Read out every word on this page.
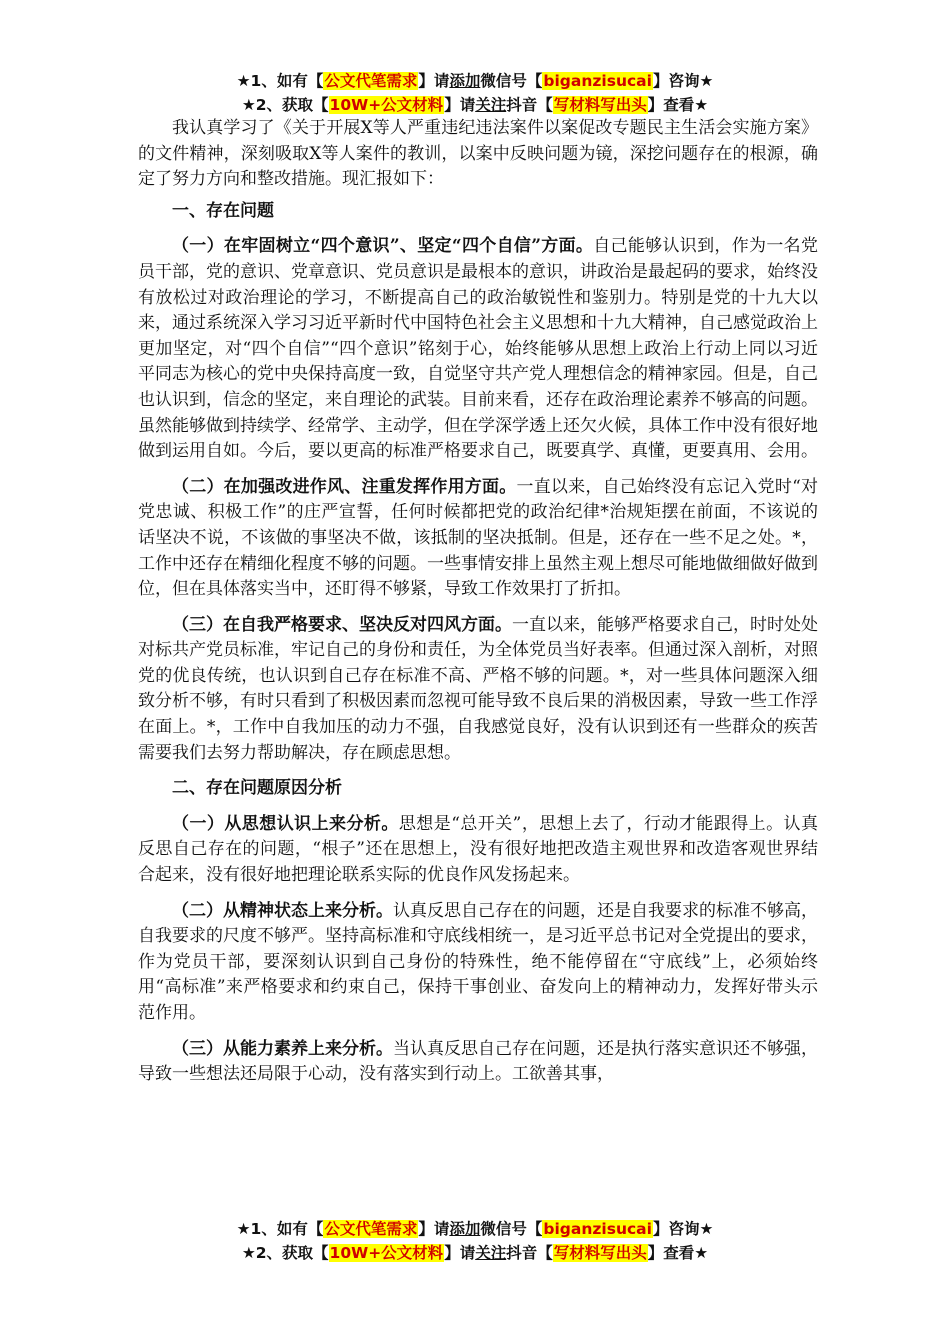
★1、如有【公文代笔需求】请添加微信号【biganzisucai】咨询★
★2、获取【10W+公文材料】请关注抖音【写材料写出头】查看★

我认真学习了《关于开展X等人严重违纪违法案件以案促改专题民主生活会实施方案》的文件精神，深刻吸取X等人案件的教训，以案中反映问题为镜，深挖问题存在的根源，确定了努力方向和整改措施。现汇报如下：

一、存在问题

（一）在牢固树立“四个意识”、坚定“四个自信”方面。自己能够认识到，作为一名党员干部，党的意识、党章意识、党员意识是最根本的意识，讲政治是最起码的要求，始终没有放松过对政治理论的学习，不断提高自己的政治敏锐性和鉴别力。特别是党的十九大以来，通过系统深入学习习近平新时代中国特色社会主义思想和十九大精神，自己感觉政治上更加坚定，对“四个自信”“四个意识”铭刻于心，始终能够从思想上政治上行动上同以习近平同志为核心的党中央保持高度一致，自觉坚守共产党人理想信念的精神家园。但是，自己也认识到，信念的坚定，来自理论的武装。目前来看，还存在政治理论素养不够高的问题。虽然能够做到持续学、经常学、主动学，但在学深学透上还欠火候，具体工作中没有很好地做到运用自如。今后，要以更高的标准严格要求自己，既要真学、真懂，更要真用、会用。

（二）在加强改进作风、注重发挥作用方面。一直以来，自己始终没有忘记入党时“对党忠诚、积极工作”的庄严宣誓，任何时候都把党的政治纪律*治规矩摆在前面，不该说的话坚决不说，不该做的事坚决不做，该抵制的坚决抵制。但是，还存在一些不足之处。*，工作中还存在精细化程度不够的问题。一些事情安排上虽然主观上想尽可能地做细做好做到位，但在具体落实当中，还盯得不够紧，导致工作效果打了折扣。

（三）在自我严格要求、坚决反对四风方面。一直以来，能够严格要求自己，时时处处对标共产党员标准，牢记自己的身份和责任，为全体党员当好表率。但通过深入剖析，对照党的优良传统，也认识到自己存在标准不高、严格不够的问题。*，对一些具体问题深入细致分析不够，有时只看到了积极因素而忽视可能导致不良后果的消极因素，导致一些工作浮在面上。*，工作中自我加压的动力不强，自我感觉良好，没有认识到还有一些群众的疾苦需要我们去努力帮助解决，存在顾虑思想。

二、存在问题原因分析

（一）从思想认识上来分析。思想是“总开关”，思想上去了，行动才能跟得上。认真反思自己存在的问题，“根子”还在思想上，没有很好地把改造主观世界和改造客观世界结合起来，没有很好地把理论联系实际的优良作风发扬起来。

（二）从精神状态上来分析。认真反思自己存在的问题，还是自我要求的标准不够高，自我要求的尺度不够严。坚持高标准和守底线相统一，是习近平总书记对全党提出的要求，作为党员干部，要深刻认识到自己身份的特殊性，绝不能停留在“守底线”上，必须始终用“高标准”来严格要求和约束自己，保持干事创业、奋发向上的精神动力，发挥好带头示范作用。

（三）从能力素养上来分析。当认真反思自己存在问题，还是执行落实意识还不够强，导致一些想法还局限于心动，没有落实到行动上。工欲善其事，

★1、如有【公文代笔需求】请添加微信号【biganzisucai】咨询★
★2、获取【10W+公文材料】请关注抖音【写材料写出头】查看★
